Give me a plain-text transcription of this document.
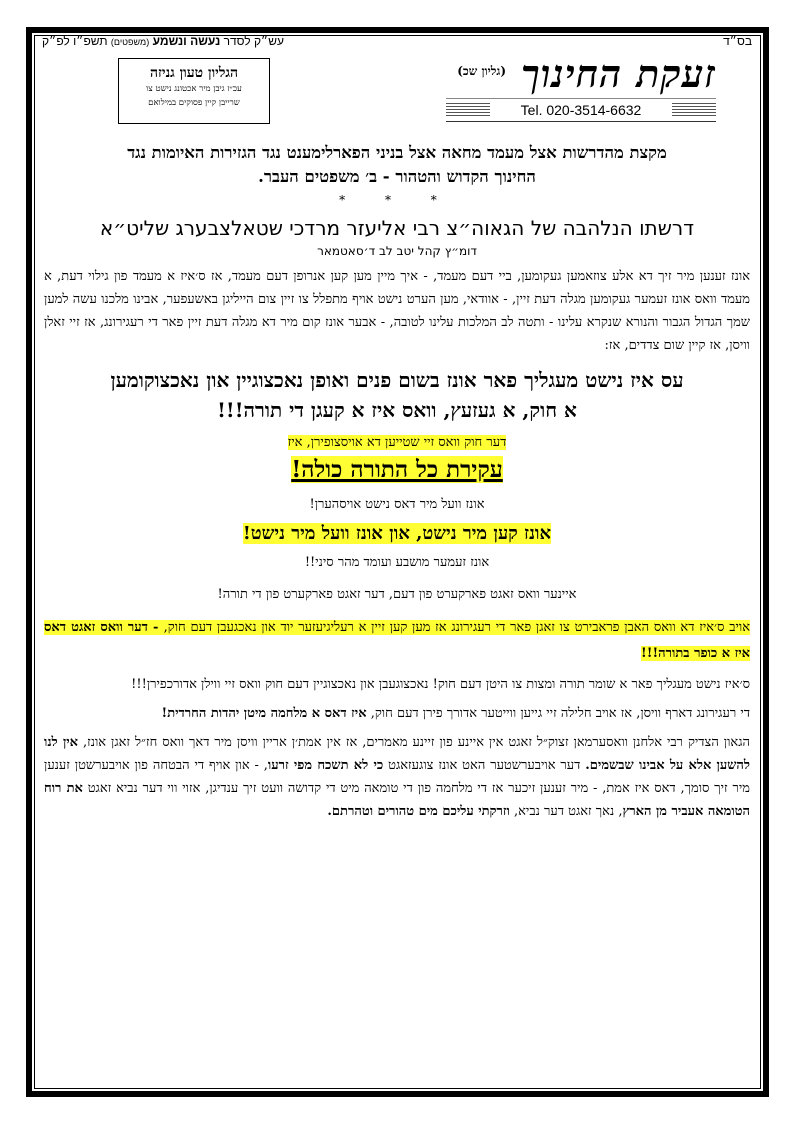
בס״ד
עש״ק לסדר נעשה ונשמע (משפטים) תשפ״ו לפ״ק
זעקת החינוך (גליון שכ)
Tel. 020-3514-6632
הגליון טעון גניזה
עכ״ז גיבן מיר אכטונג נישט צו
שרייבן קיין פסוקים במילואם
מקצת מהדרשות אצל מעמד מחאה אצל בניני הפארלימענט נגד הגזירות האיומות נגד
החינוך הקדוש והטהור - ב׳ משפטים העבר.
* * *
דרשתו הנלהבה של הגאוה״צ רבי אליעזר מרדכי שטאלצבערג שליט״א
דומ״ץ קהל יטב לב ד׳סאטמאר

אונז זענען מיר זיך דא אלע צוזאמען געקומען, ביי דעם מעמד, - איך מיין מען קען אנרופן דעם מעמד, אז ס׳איז א מעמד פון גילוי דעת, א מעמד וואס אונז זעמער געקומען מגלה דעת זיין, - אוודאי, מען הערט נישט אויף מתפלל צו זיין צום הייליגן באשעפער, אבינו מלכנו עשה למען שמך הגדול הגבור והנורא שנקרא עלינו - ותטה לב המלכות עלינו לטובה, - אבער אונז קום מיר דא מגלה דעת זיין פאר די רעגירונג, אז זיי זאלן וויסן, אז קיין שום צדדים, אז:

עס איז נישט מעגליך פאר אונז בשום פנים ואופן נאכצוגיין און נאכצוקומען
א חוק, א געזעץ, וואס איז א קעגן די תורה!!!
דער חוק וואס זיי שטייען דא אויסצופירן, איז
עקירת כל התורה כולה!
אונז וועל מיר דאס נישט אויסהערן!
אונז קען מיר נישט, און אונז וועל מיר נישט!
אונז זעמער מושבע ועומד מהר סיני!!
איינער וואס זאגט פארקערט פון דעם, דער זאגט פארקערט פון די תורה!

אויב ס׳איז דא וואס האבן פראבירט צו זאגן פאר די רעגירונג אז מען קען זיין א רעליגיעזער יוד און נאכגעבן דעם חוק, - דער וואס זאגט דאס איז א כופר בתורה!!!

ס׳איז נישט מעגליך פאר א שומר תורה ומצות צו היטן דעם חוק! נאכצוגעבן און נאכצוגיין דעם חוק וואס זיי ווילן אדורכפירן!!!

די רעגירונג דארף וויסן, אז אויב חלילה זיי גייען ווייטער אדורך פירן דעם חוק, איז דאס א מלחמה מיטן יהדות החרדית!

הגאון הצדיק רבי אלחנן וואסערמאן זצוק״ל זאגט אין איינע פון זיינע מאמרים, אז אין אמת׳ן אריין וויסן מיר דאך וואס חז״ל זאגן אונז, אין לנו להשען אלא על אבינו שבשמים. דער אויבערשטער האט אונז צוגעזאגט כי לא תשכח מפי זרעו, - און אויף די הבטחה פון אויבערשטן זענען מיר זיך סומך, דאס איז אמת, - מיר זענען זיכער אז די מלחמה פון די טומאה מיט די קדושה וועט זיך ענדיגן, אזוי ווי דער נביא זאגט את רוח הטומאה אעביר מן הארץ, נאך זאגט דער נביא, וזרקתי עליכם מים טהורים וטהרתם.
